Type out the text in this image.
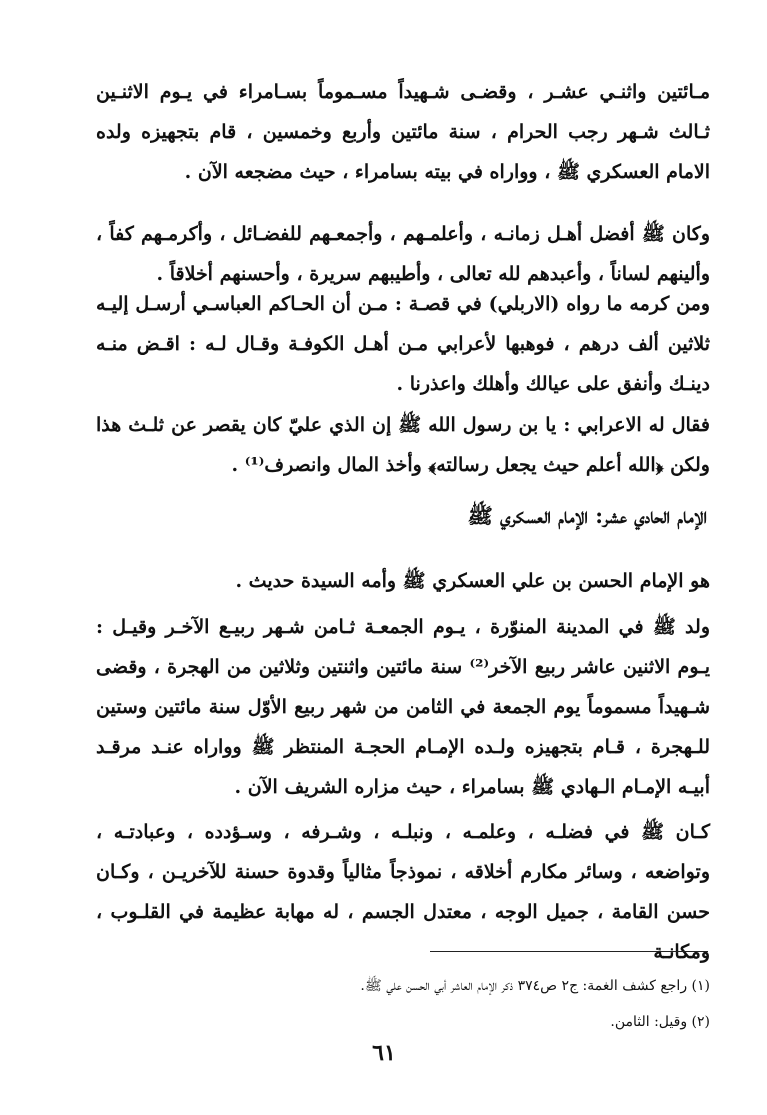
مـائتين واثنـي عشـر ، وقضـى شـهيداً مسـموماً بسـامراء في يـوم الاثنـين ثـالث شـهر رجب الحرام ، سنة مائتين وأربع وخمسين ، قام بتجهيزه ولده الامام العسكري ﷺ ، وواراه في بيته بسامراء ، حيث مضجعه الآن .
وكان ﷺ أفضل أهـل زمانـه ، وأعلمـهم ، وأجمعـهم للفضـائل ، وأكرمـهم كفاً ، وألينهم لساناً ، وأعبدهم لله تعالى ، وأطيبهم سريرة ، وأحسنهم أخلاقاً .
ومن كرمه ما رواه (الاربلي) في قصـة : مـن أن الحـاكم العباسـي أرسـل إليـه ثلاثين ألف درهم ، فوهبها لأعرابي مـن أهـل الكوفـة وقـال لـه : اقـض منـه دينـك وأنفق على عيالك وأهلك واعذرنا .
فقال له الاعرابي : يا بن رسول الله ﷺ إن الذي عليّ كان يقصر عن ثلـث هذا ولكن ﴿الله أعلم حيث يجعل رسالته﴾ وأخذ المال وانصرف⁽¹⁾ .
الإمام الحادي عشر: الإمام العسكري ﷺ
هو الإمام الحسن بن علي العسكري ﷺ وأمه السيدة حديث .
ولد ﷺ في المدينة المنوّرة ، يـوم الجمعـة ثـامن شـهر ربيـع الآخـر وقيـل : يـوم الاثنين عاشر ربيع الآخر⁽²⁾ سنة مائتين واثنتين وثلاثين من الهجرة ، وقضى شـهيداً مسموماً يوم الجمعة في الثامن من شهر ربيع الأوّل سنة مائتين وستين للـهجرة ، قـام بتجهيزه ولـده الإمـام الحجـة المنتظر ﷺ وواراه عنـد مرقـد أبيـه الإمـام الـهادي ﷺ بسامراء ، حيث مزاره الشريف الآن .
كـان ﷺ في فضلـه ، وعلمـه ، ونبلـه ، وشـرفه ، وسـؤدده ، وعبادتـه ، وتواضعه ، وسائر مكارم أخلاقه ، نموذجاً مثالياً وقدوة حسنة للآخريـن ، وكـان حسن القامة ، جميل الوجه ، معتدل الجسم ، له مهابة عظيمة في القلـوب ، ومكانـة
(١) راجع كشف الغمة: ج٢ ص٣٧٤ ذكر الإمام العاشر أبي الحسن علي ﷺ.
(٢) وقيل: الثامن.
٦١
